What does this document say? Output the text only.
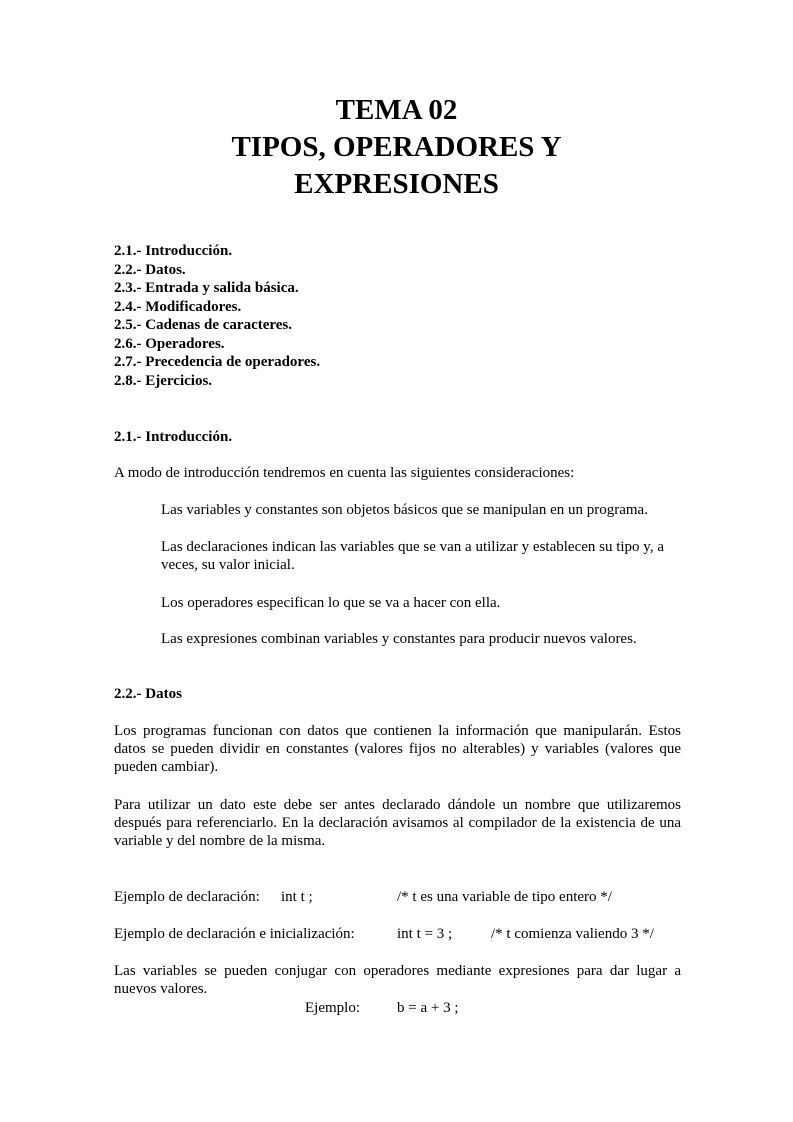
TEMA 02
TIPOS, OPERADORES Y
EXPRESIONES
2.1.- Introducción.
2.2.- Datos.
2.3.- Entrada y salida básica.
2.4.- Modificadores.
2.5.- Cadenas de caracteres.
2.6.- Operadores.
2.7.- Precedencia de operadores.
2.8.- Ejercicios.
2.1.- Introducción.
A modo de introducción tendremos en cuenta las siguientes consideraciones:
Las variables y constantes son objetos básicos que se manipulan en un programa.
Las declaraciones indican las variables que se van a utilizar y establecen su tipo y, a veces, su valor inicial.
Los operadores especifican lo que se va a hacer con ella.
Las expresiones combinan variables y constantes para producir nuevos valores.
2.2.- Datos
Los programas funcionan con datos que contienen la información que manipularán. Estos datos se pueden dividir en constantes (valores fijos no alterables) y variables (valores que pueden cambiar).
Para utilizar un dato este debe ser antes declarado dándole un nombre que utilizaremos después para referenciarlo. En la declaración avisamos al compilador de la existencia de una variable y del nombre de la misma.
Ejemplo de declaración: int t ;	/* t es una variable de tipo entero */
Ejemplo de declaración e inicialización:	int t = 3 ;	/* t comienza valiendo 3 */
Las variables se pueden conjugar con operadores mediante expresiones para dar lugar a nuevos valores.
Ejemplo: b = a + 3 ;
